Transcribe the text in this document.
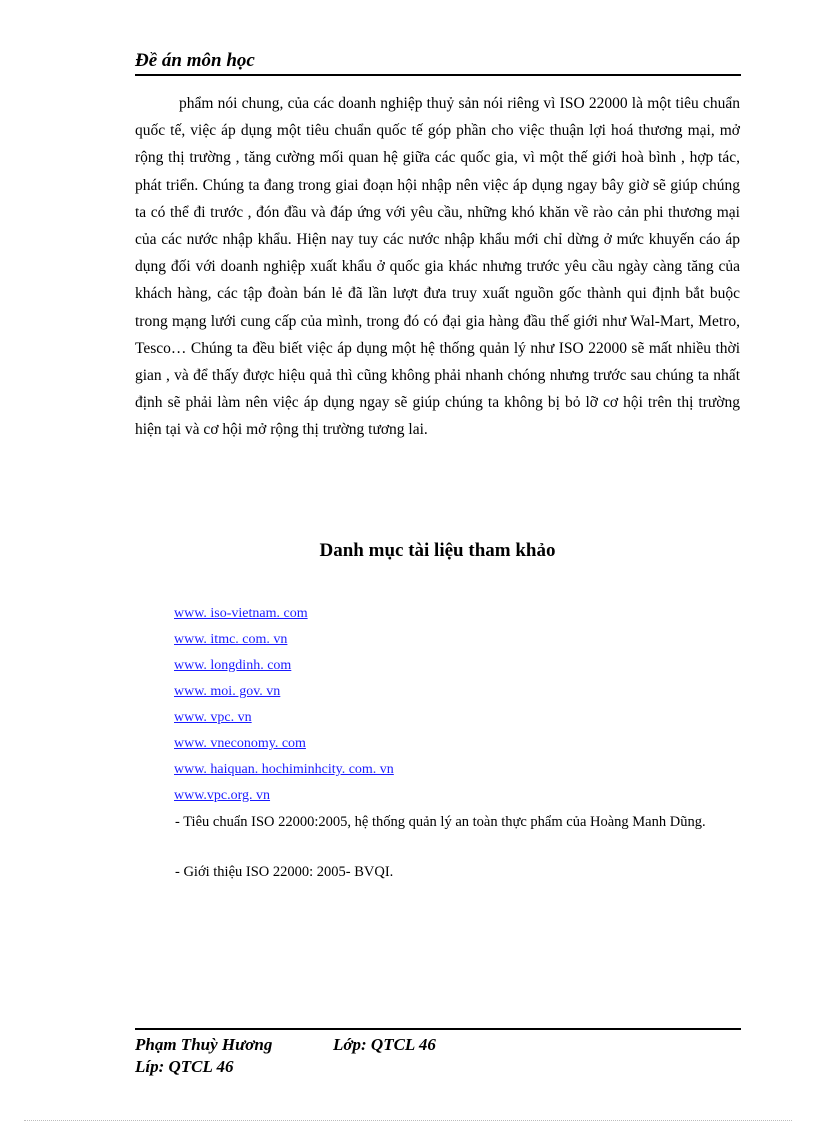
Đề án môn học

phẩm nói chung, của các doanh nghiệp thuỷ sản nói riêng vì ISO 22000 là một tiêu chuẩn quốc tế, việc áp dụng một tiêu chuẩn quốc tế góp phần cho việc thuận lợi hoá thương mại, mở rộng thị trường , tăng cường mối quan hệ giữa các quốc gia, vì một thế giới hoà bình , hợp tác, phát triển. Chúng ta đang trong giai đoạn hội nhập nên việc áp dụng ngay bây giờ sẽ giúp chúng ta có thể đi trước , đón đầu và đáp ứng với yêu cầu, những khó khăn về rào cản phi thương mại của các nước nhập khẩu. Hiện nay tuy các nước nhập khẩu mới chỉ dừng ở mức khuyến cáo áp dụng đối với doanh nghiệp xuất khẩu ở quốc gia khác nhưng trước yêu cầu ngày càng tăng của khách hàng, các tập đoàn bán lẻ đã lần lượt đưa truy xuất nguồn gốc thành qui định bắt buộc trong mạng lưới cung cấp của mình, trong đó có đại gia hàng đầu thế giới như Wal-Mart, Metro, Tesco… Chúng ta đều biết việc áp dụng một hệ thống quản lý như ISO 22000 sẽ mất nhiều thời gian , và để thấy được hiệu quả thì cũng không phải nhanh chóng nhưng trước sau chúng ta nhất định sẽ phải làm nên việc áp dụng ngay sẽ giúp chúng ta không bị bỏ lỡ cơ hội trên thị trường hiện tại và cơ hội mở rộng thị trường tương lai.

Danh mục tài liệu tham khảo
www. iso-vietnam. com
www. itmc. com. vn
www. longdinh. com
www. moi. gov. vn
www. vpc. vn
www. vneconomy. com
www. haiquan. hochiminhcity. com. vn
www.vpc.org. vn

- Tiêu chuẩn ISO 22000:2005, hệ thống quản lý an toàn thực phẩm của Hoàng Manh Dũng.

- Giới thiệu ISO 22000: 2005- BVQI.

Phạm Thuỳ Hương	Lớp: QTCL 46
Líp: QTCL 46
